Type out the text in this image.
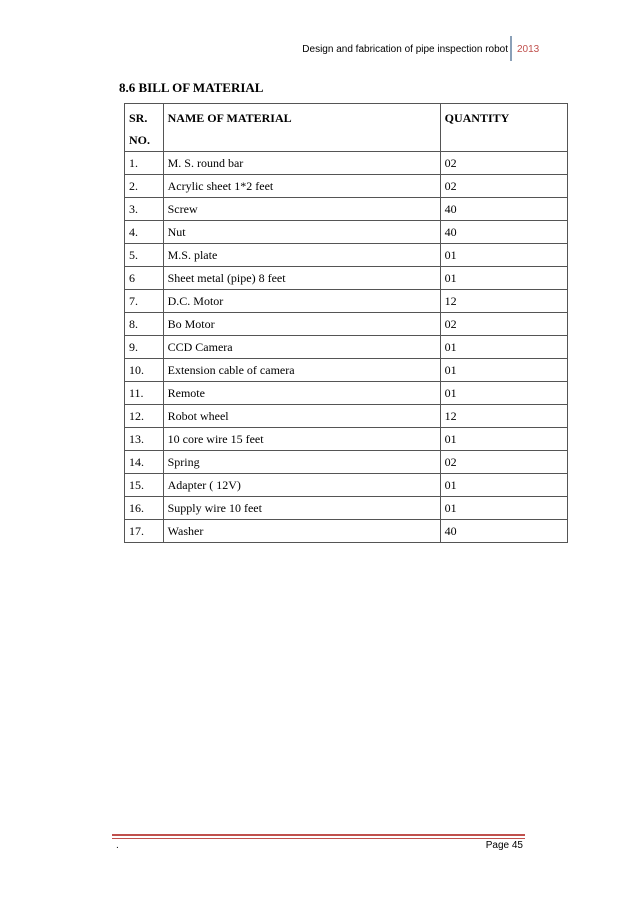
Design and fabrication of pipe inspection robot 2013
8.6 BILL OF MATERIAL
SR.
NO.	NAME OF MATERIAL	QUANTITY
1.	M. S. round bar	02
2.	Acrylic sheet 1*2 feet	02
3.	Screw	40
4.	Nut	40
5.	M.S. plate	01
6	Sheet metal (pipe) 8 feet	01
7.	D.C. Motor	12
8.	Bo Motor	02
9.	CCD Camera	01
10.	Extension cable of camera	01
11.	Remote	01
12.	Robot wheel	12
13.	10 core wire 15 feet	01
14.	Spring	02
15.	Adapter ( 12V)	01
16.	Supply wire 10 feet	01
17.	Washer	40
.	Page 45
